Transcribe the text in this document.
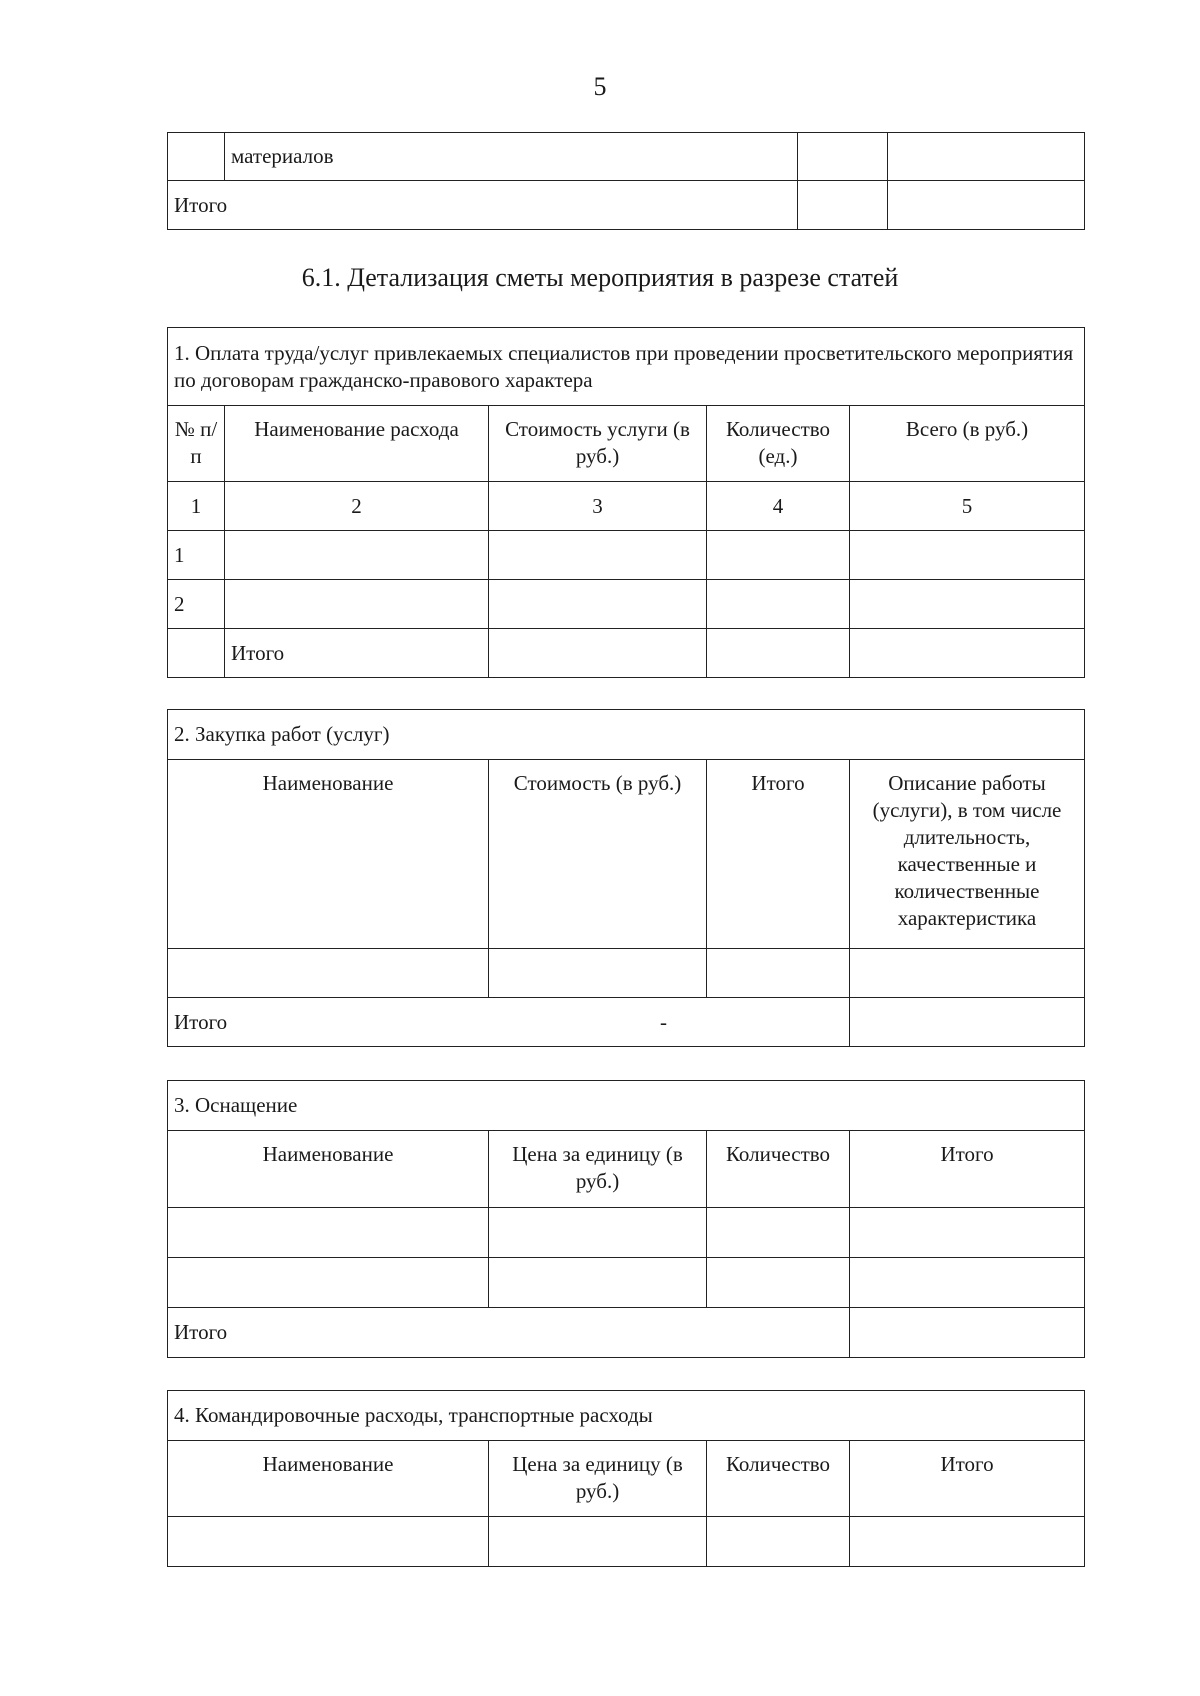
5
	материалов		
Итого			
6.1. Детализация сметы мероприятия в разрезе статей
1. Оплата труда/услуг привлекаемых специалистов при проведении просветительского мероприятия по договорам гражданско-правового характера				
№ п/п	Наименование расхода	Стоимость услуги (в руб.)	Количество (ед.)	Всего (в руб.)
1	2	3	4	5
1				
2				
	Итого			
2. Закупка работ (услуг)			
Наименование	Стоимость (в руб.)	Итого	Описание работы (услуги), в том числе длительность, качественные и количественные характеристика

Итого -			

3. Оснащение			
Наименование	Цена за единицу (в руб.)	Количество	Итого

Итого			
4. Командировочные расходы, транспортные расходы			
Наименование	Цена за единицу (в руб.)	Количество	Итого
